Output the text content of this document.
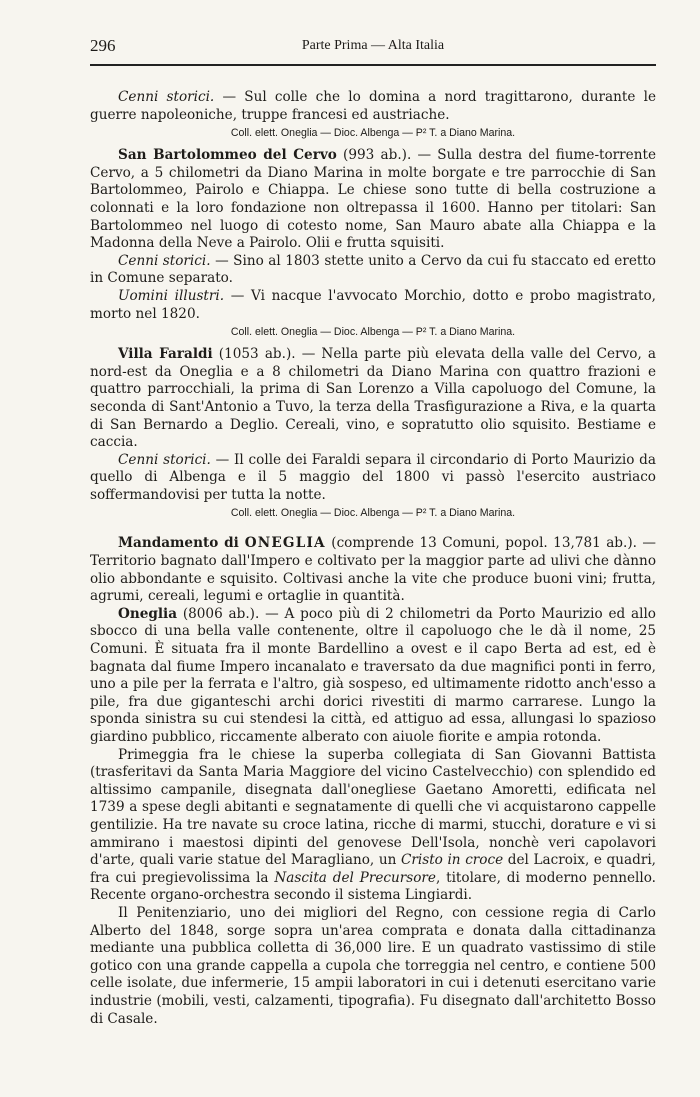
296	Parte Prima — Alta Italia

Cenni storici. — Sul colle che lo domina a nord tragittarono, durante le guerre napoleoniche, truppe francesi ed austriache.

Coll. elett. Oneglia — Dioc. Albenga — P² T. a Diano Marina.

San Bartolommeo del Cervo (993 ab.). — Sulla destra del fiume-torrente Cervo, a 5 chilometri da Diano Marina in molte borgate e tre parrocchie di San Bartolommeo, Pairolo e Chiappa. Le chiese sono tutte di bella costruzione a colonnati e la loro fondazione non oltrepassa il 1600. Hanno per titolari: San Bartolommeo nel luogo di cotesto nome, San Mauro abate alla Chiappa e la Madonna della Neve a Pairolo. Olii e frutta squisiti.

Cenni storici. — Sino al 1803 stette unito a Cervo da cui fu staccato ed eretto in Comune separato.

Uomini illustri. — Vi nacque l'avvocato Morchio, dotto e probo magistrato, morto nel 1820.

Coll. elett. Oneglia — Dioc. Albenga — P² T. a Diano Marina.

Villa Faraldi (1053 ab.). — Nella parte più elevata della valle del Cervo, a nord-est da Oneglia e a 8 chilometri da Diano Marina con quattro frazioni e quattro parrocchiali, la prima di San Lorenzo a Villa capoluogo del Comune, la seconda di Sant'Antonio a Tuvo, la terza della Trasfigurazione a Riva, e la quarta di San Bernardo a Deglio. Cereali, vino, e sopratutto olio squisito. Bestiame e caccia.

Cenni storici. — Il colle dei Faraldi separa il circondario di Porto Maurizio da quello di Albenga e il 5 maggio del 1800 vi passò l'esercito austriaco soffermandovisi per tutta la notte.

Coll. elett. Oneglia — Dioc. Albenga — P² T. a Diano Marina.

Mandamento di ONEGLIA (comprende 13 Comuni, popol. 13,781 ab.). — Territorio bagnato dall'Impero e coltivato per la maggior parte ad ulivi che dànno olio abbondante e squisito. Coltivasi anche la vite che produce buoni vini; frutta, agrumi, cereali, legumi e ortaglie in quantità.

Oneglia (8006 ab.). — A poco più di 2 chilometri da Porto Maurizio ed allo sbocco di una bella valle contenente, oltre il capoluogo che le dà il nome, 25 Comuni. È situata fra il monte Bardellino a ovest e il capo Berta ad est, ed è bagnata dal fiume Impero incanalato e traversato da due magnifici ponti in ferro, uno a pile per la ferrata e l'altro, già sospeso, ed ultimamente ridotto anch'esso a pile, fra due giganteschi archi dorici rivestiti di marmo carrarese. Lungo la sponda sinistra su cui stendesi la città, ed attiguo ad essa, allungasi lo spazioso giardino pubblico, riccamente alberato con aiuole fiorite e ampia rotonda.

Primeggia fra le chiese la superba collegiata di San Giovanni Battista (trasferitavi da Santa Maria Maggiore del vicino Castelvecchio) con splendido ed altissimo campanile, disegnata dall'onegliese Gaetano Amoretti, edificata nel 1739 a spese degli abitanti e segnatamente di quelli che vi acquistarono cappelle gentilizie. Ha tre navate su croce latina, ricche di marmi, stucchi, dorature e vi si ammirano i maestosi dipinti del genovese Dell'Isola, nonchè veri capolavori d'arte, quali varie statue del Maragliano, un Cristo in croce del Lacroix, e quadri, fra cui pregievolissima la Nascita del Precursore, titolare, di moderno pennello. Recente organo-orchestra secondo il sistema Lingiardi.

Il Penitenziario, uno dei migliori del Regno, con cessione regia di Carlo Alberto del 1848, sorge sopra un'area comprata e donata dalla cittadinanza mediante una pubblica colletta di 36,000 lire. E un quadrato vastissimo di stile gotico con una grande cappella a cupola che torreggia nel centro, e contiene 500 celle isolate, due infermerie, 15 ampii laboratori in cui i detenuti esercitano varie industrie (mobili, vesti, calzamenti, tipografia). Fu disegnato dall'architetto Bosso di Casale.
